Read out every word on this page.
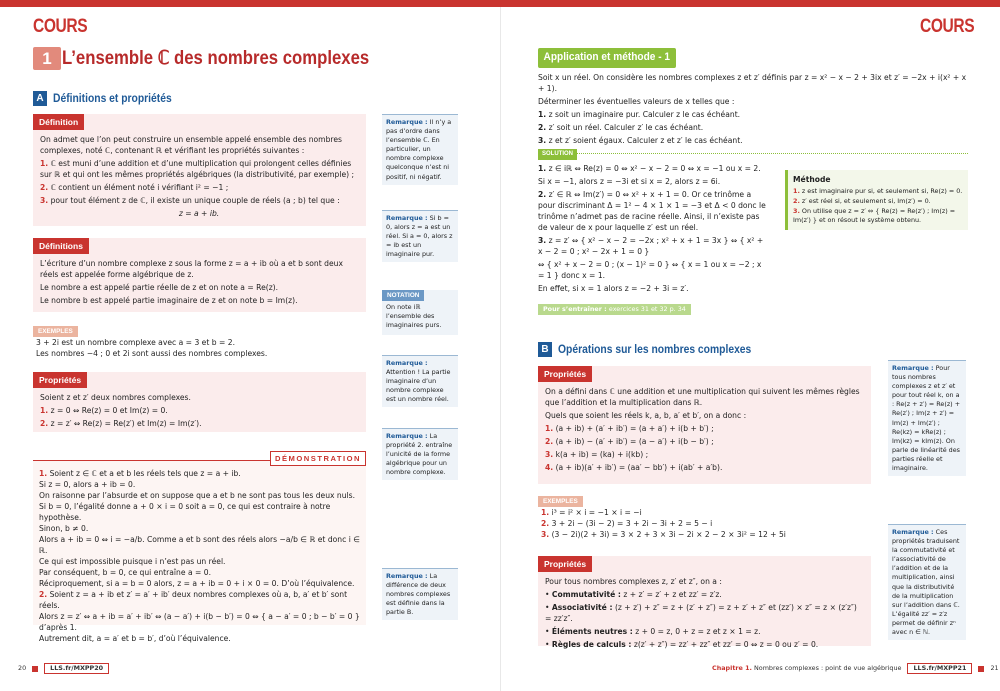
COURS
1 L’ensemble ℂ des nombres complexes
A Définitions et propriétés
Définition

On admet que l’on peut construire un ensemble appelé ensemble des nombres complexes, noté ℂ, contenant ℝ et vérifiant les propriétés suivantes :

1. ℂ est muni d’une addition et d’une multiplication qui prolongent celles définies sur ℝ et qui ont les mêmes propriétés algébriques (la distributivité, par exemple) ;

2. ℂ contient un élément noté i vérifiant i² = −1 ;

3. pour tout élément z de ℂ, il existe un unique couple de réels (a ; b) tel que :

z = a + ib.

Définitions

L’écriture d’un nombre complexe z sous la forme z = a + ib où a et b sont deux réels est appelée forme algébrique de z.

Le nombre a est appelé partie réelle de z et on note a = Re(z).

Le nombre b est appelé partie imaginaire de z et on note b = Im(z).

EXEMPLES

3 + 2i est un nombre complexe avec a = 3 et b = 2.

Les nombres −4 ; 0 et 2i sont aussi des nombres complexes.

Propriétés

Soient z et z′ deux nombres complexes.

1. z = 0 ⇔ Re(z) = 0 et Im(z) = 0.

2. z = z′ ⇔ Re(z) = Re(z′) et Im(z) = Im(z′).

1. Soient z ∈ ℂ et a et b les réels tels que z = a + ib.

Si z = 0, alors a + ib = 0.

On raisonne par l’absurde et on suppose que a et b ne sont pas tous les deux nuls.

Si b = 0, l’égalité donne a + 0 × i = 0 soit a = 0, ce qui est contraire à notre hypothèse.

Sinon, b ≠ 0.

Alors a + ib = 0 ⇔ i = −a/b. Comme a et b sont des réels alors −a/b ∈ ℝ et donc i ∈ ℝ.

Ce qui est impossible puisque i n’est pas un réel.

Par conséquent, b = 0, ce qui entraîne a = 0.

Réciproquement, si a = b = 0 alors, z = a + ib = 0 + i × 0 = 0. D’où l’équivalence.

2. Soient z = a + ib et z′ = a′ + ib′ deux nombres complexes où a, b, a′ et b′ sont réels.

Alors z = z′ ⇔ a + ib = a′ + ib′ ⇔ (a − a′) + i(b − b′) = 0 ⇔ { a − a′ = 0 ; b − b′ = 0 } d’après 1.

Autrement dit, a = a′ et b = b′, d’où l’équivalence.

DÉMONSTRATION
Remarque : Il n’y a pas d’ordre dans l’ensemble ℂ. En particulier, un nombre complexe quelconque n’est ni positif, ni négatif.
Remarque : Si b = 0, alors z = a est un réel. Si a = 0, alors z = ib est un imaginaire pur.
NOTATION
On note iℝ l’ensemble des imaginaires purs.
Remarque : Attention ! La partie imaginaire d’un nombre complexe est un nombre réel.
Remarque : La propriété 2. entraîne l’unicité de la forme algébrique pour un nombre complexe.
Remarque : La différence de deux nombres complexes est définie dans la partie B.
20	LLS.fr/MXPP20
COURS
Application et méthode - 1

Soit x un réel. On considère les nombres complexes z et z′ définis par z = x² − x − 2 + 3ix et z′ = −2x + i(x² + x + 1).

Déterminer les éventuelles valeurs de x telles que :

1. z soit un imaginaire pur. Calculer z le cas échéant.

2. z′ soit un réel. Calculer z′ le cas échéant.

3. z et z′ soient égaux. Calculer z et z′ le cas échéant.

SOLUTION

1. z ∈ iℝ ⇔ Re(z) = 0 ⇔ x² − x − 2 = 0 ⇔ x = −1 ou x = 2.

Si x = −1, alors z = −3i et si x = 2, alors z = 6i.

2. z′ ∈ ℝ ⇔ Im(z′) = 0 ⇔ x² + x + 1 = 0. Or ce trinôme a pour discriminant Δ = 1² − 4 × 1 × 1 = −3 et Δ < 0 donc le trinôme n’admet pas de racine réelle. Ainsi, il n’existe pas de valeur de x pour laquelle z′ est un réel.

3. z = z′ ⇔ { x² − x − 2 = −2x ; x² + x + 1 = 3x } ⇔ { x² + x − 2 = 0 ; x² − 2x + 1 = 0 }

⇔ { x² + x − 2 = 0 ; (x − 1)² = 0 } ⇔ { x = 1 ou x = −2 ; x = 1 } donc x = 1.

En effet, si x = 1 alors z = −2 + 3i = z′.

Méthode

1. z est imaginaire pur si, et seulement si, Re(z) = 0.

2. z′ est réel si, et seulement si, Im(z′) = 0.

3. On utilise que z = z′ ⇔ { Re(z) = Re(z′) ; Im(z) = Im(z′) } et on résout le système obtenu.

Pour s’entraîner : exercices 31 et 32 p. 34
B Opérations sur les nombres complexes
Propriétés

On a défini dans ℂ une addition et une multiplication qui suivent les mêmes règles que l’addition et la multiplication dans ℝ.

Quels que soient les réels k, a, b, a′ et b′, on a donc :

1. (a + ib) + (a′ + ib′) = (a + a′) + i(b + b′) ;

2. (a + ib) − (a′ + ib′) = (a − a′) + i(b − b′) ;

3. k(a + ib) = (ka) + i(kb) ;

4. (a + ib)(a′ + ib′) = (aa′ − bb′) + i(ab′ + a′b).

EXEMPLES

1. i³ = i² × i = −1 × i = −i

2. 3 + 2i − (3i − 2) = 3 + 2i − 3i + 2 = 5 − i

3. (3 − 2i)(2 + 3i) = 3 × 2 + 3 × 3i − 2i × 2 − 2 × 3i² = 12 + 5i

Propriétés

Pour tous nombres complexes z, z′ et z″, on a :

• Commutativité : z + z′ = z′ + z et zz′ = z′z.

• Associativité : (z + z′) + z″ = z + (z′ + z″) = z + z′ + z″ et (zz′) × z″ = z × (z′z″) = zz′z″.

• Éléments neutres : z + 0 = z, 0 + z = z et z × 1 = z.

• Règles de calculs : z(z′ + z″) = zz′ + zz″ et zz′ = 0 ⇔ z = 0 ou z′ = 0.

Remarque : Pour tous nombres complexes z et z′ et pour tout réel k, on a : Re(z + z′) = Re(z) + Re(z′) ; Im(z + z′) = Im(z) + Im(z′) ; Re(kz) = kRe(z) ; Im(kz) = kIm(z). On parle de linéarité des parties réelle et imaginaire.
Remarque : Ces propriétés traduisent la commutativité et l’associativité de l’addition et de la multiplication, ainsi que la distributivité de la multiplication sur l’addition dans ℂ. L’égalité zz′ = z′z permet de définir zⁿ avec n ∈ ℕ.
Chapitre 1. Nombres complexes : point de vue algébrique	LLS.fr/MXPP21	21
